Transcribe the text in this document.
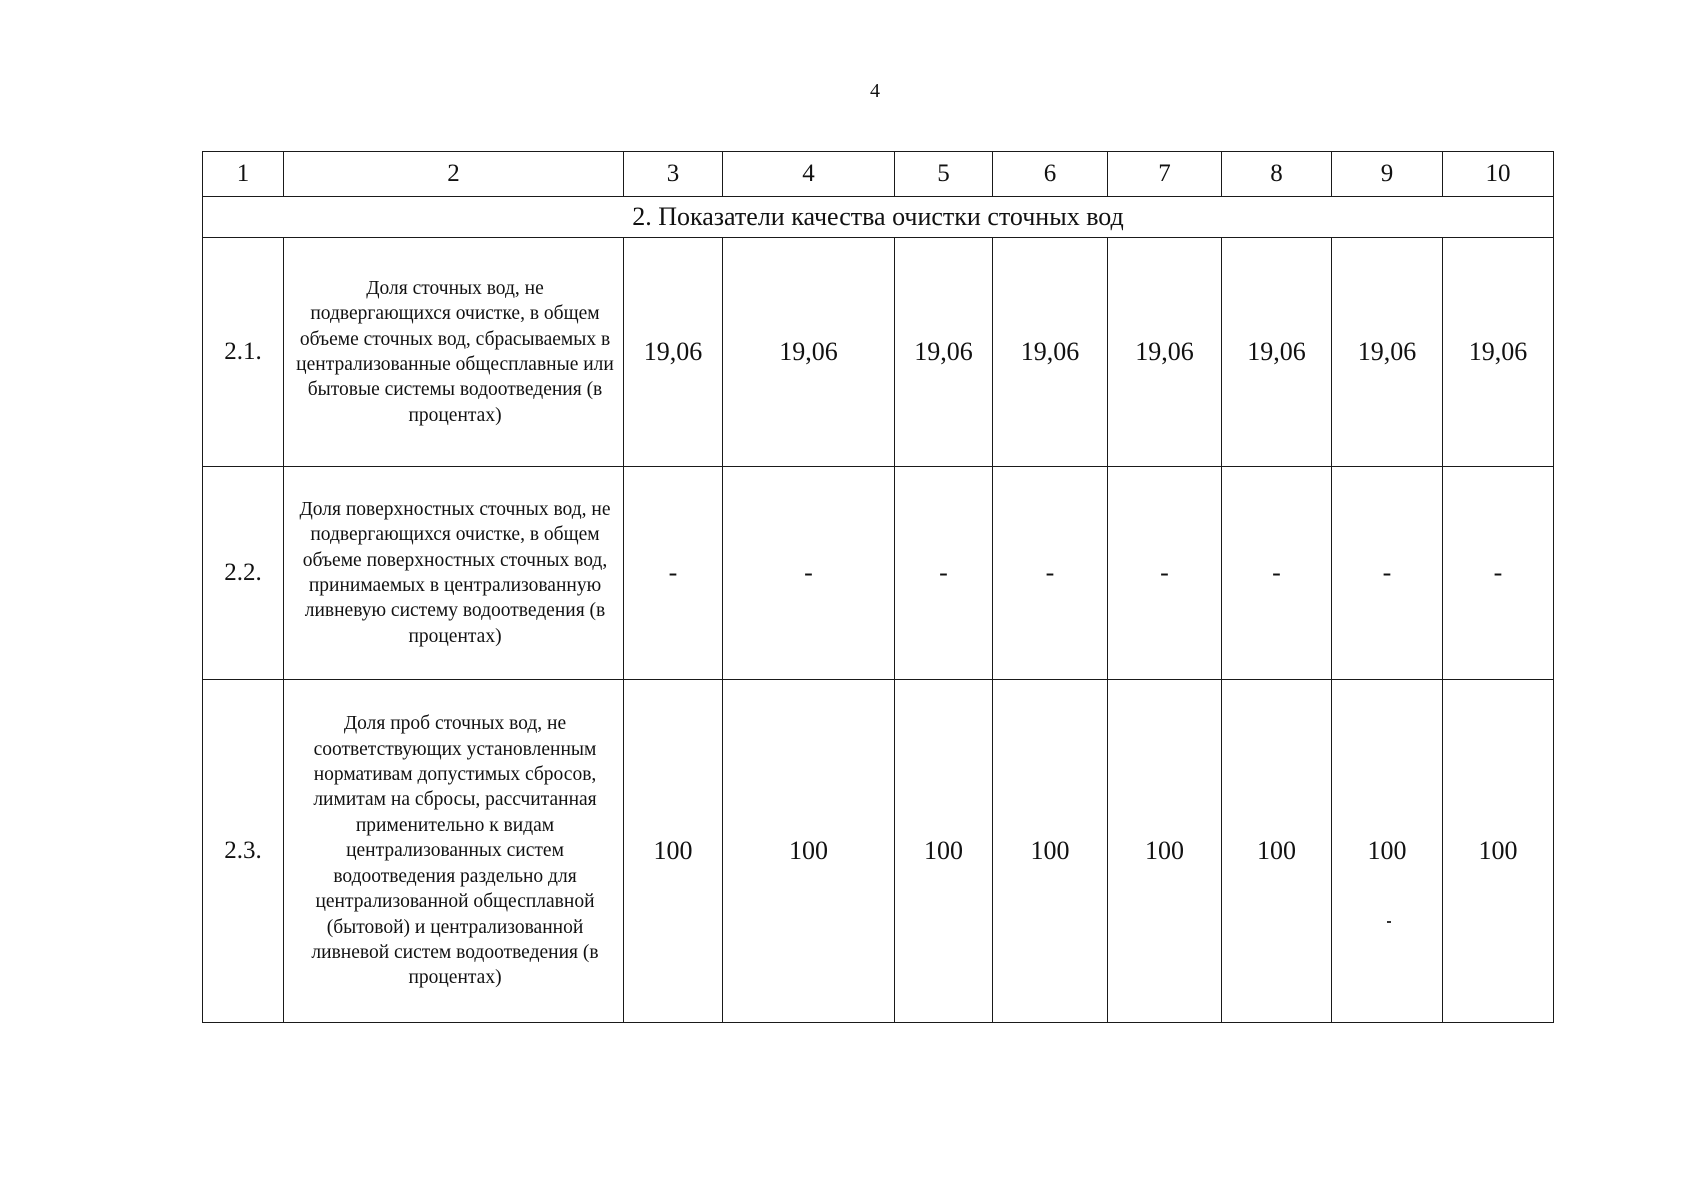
4
1	2	3	4	5	6	7	8	9	10
2. Показатели качества очистки сточных вод									
2.1.	Доля сточных вод, не подвергающихся очистке, в общем объеме сточных вод, сбрасываемых в централизованные общесплавные или бытовые системы водоотведения (в процентах)	19,06	19,06	19,06	19,06	19,06	19,06	19,06	19,06
2.2.	Доля поверхностных сточных вод, не подвергающихся очистке, в общем объеме поверхностных сточных вод, принимаемых в централизованную ливневую систему водоотведения (в процентах)	-	-	-	-	-	-	-	-
2.3.	Доля проб сточных вод, не соответствующих установленным нормативам допустимых сбросов, лимитам на сбросы, рассчитанная применительно к видам централизованных систем водоотведения раздельно для централизованной общесплавной (бытовой) и централизованной ливневой систем водоотведения (в процентах)	100	100	100	100	100	100	100	100
